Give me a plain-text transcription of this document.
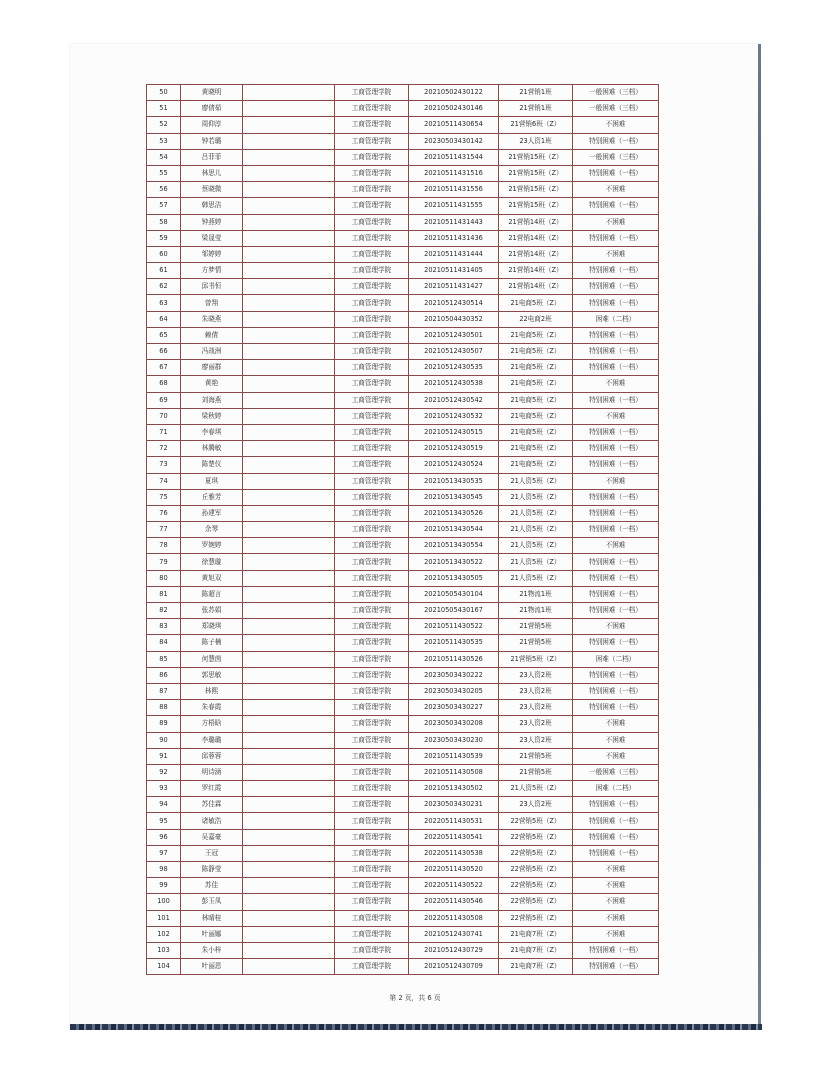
50	黄晓明		工商管理学院	20210502430122	21营销1班	一般困难（三档）
51	廖倩茹		工商管理学院	20210502430146	21营销1班	一般困难（三档）
52	周仰淳		工商管理学院	20210511430654	21营销6班（Z）	不困难
53	钟若璐		工商管理学院	20230503430142	23人资1班	特别困难（一档）
54	吕菲菲		工商管理学院	20210511431544	21营销15班（Z）	一般困难（三档）
55	林思儿		工商管理学院	20210511431516	21营销15班（Z）	特别困难（一档）
56	蔡晓微		工商管理学院	20210511431556	21营销15班（Z）	不困难
57	韩思洁		工商管理学院	20210511431555	21营销15班（Z）	特别困难（一档）
58	钟燕婷		工商管理学院	20210511431443	21营销14班（Z）	不困难
59	梁晟莹		工商管理学院	20210511431436	21营销14班（Z）	特别困难（一档）
60	邹婷婷		工商管理学院	20210511431444	21营销14班（Z）	不困难
61	方梦情		工商管理学院	20210511431405	21营销14班（Z）	特别困难（一档）
62	邱书恒		工商管理学院	20210511431427	21营销14班（Z）	特别困难（一档）
63	曾翔		工商管理学院	20210512430514	21电商5班（Z）	特别困难（一档）
64	朱晓燕		工商管理学院	20210504430352	22电商2班	困难（二档）
65	赖倩		工商管理学院	20210512430501	21电商5班（Z）	特别困难（一档）
66	冯战洲		工商管理学院	20210512430507	21电商5班（Z）	特别困难（一档）
67	廖丽群		工商管理学院	20210512430535	21电商5班（Z）	特别困难（一档）
68	黄艳		工商管理学院	20210512430538	21电商5班（Z）	不困难
69	刘海燕		工商管理学院	20210512430542	21电商5班（Z）	特别困难（一档）
70	梁秋婷		工商管理学院	20210512430532	21电商5班（Z）	不困难
71	李春琪		工商管理学院	20210512430515	21电商5班（Z）	特别困难（一档）
72	林腾敏		工商管理学院	20210512430519	21电商5班（Z）	特别困难（一档）
73	陈楚仪		工商管理学院	20210512430524	21电商5班（Z）	特别困难（一档）
74	夏琪		工商管理学院	20210513430535	21人资5班（Z）	不困难
75	丘雅芳		工商管理学院	20210513430545	21人资5班（Z）	特别困难（一档）
76	孙建军		工商管理学院	20210513430526	21人资5班（Z）	特别困难（一档）
77	余琴		工商管理学院	20210513430544	21人资5班（Z）	特别困难（一档）
78	罗婉婷		工商管理学院	20210513430554	21人资5班（Z）	不困难
79	徐慧璇		工商管理学院	20210513430522	21人资5班（Z）	特别困难（一档）
80	黄旭双		工商管理学院	20210513430505	21人资5班（Z）	特别困难（一档）
81	陈超言		工商管理学院	20210505430104	21物流1班	特别困难（一档）
82	张苏娟		工商管理学院	20210505430167	21物流1班	特别困难（一档）
83	郑晓琪		工商管理学院	20210511430522	21营销5班	不困难
84	陈子楠		工商管理学院	20210511430535	21营销5班	特别困难（一档）
85	何慧茵		工商管理学院	20210511430526	21营销5班（Z）	困难（二档）
86	郭思敏		工商管理学院	20230503430222	23人资2班	特别困难（一档）
87	林熙		工商管理学院	20230503430205	23人资2班	特别困难（一档）
88	朱春霞		工商管理学院	20230503430227	23人资2班	特别困难（一档）
89	方梧晗		工商管理学院	20230503430208	23人资2班	不困难
90	李璐璐		工商管理学院	20230503430230	23人资2班	不困难
91	邱蓉蓉		工商管理学院	20210511430539	21营销5班	不困难
92	明诗涵		工商管理学院	20210511430508	21营销5班	一般困难（三档）
93	罗红霞		工商管理学院	20210513430502	21人资5班（Z）	困难（二档）
94	苏佳霖		工商管理学院	20230503430231	23人资2班	特别困难（一档）
95	诸敏浩		工商管理学院	20220511430531	22营销5班（Z）	特别困难（一档）
96	吴嘉豪		工商管理学院	20220511430541	22营销5班（Z）	特别困难（一档）
97	王冠		工商管理学院	20220511430538	22营销5班（Z）	特别困难（一档）
98	陈静莹		工商管理学院	20220511430520	22营销5班（Z）	不困难
99	苏佳		工商管理学院	20220511430522	22营销5班（Z）	不困难
100	彭玉凤		工商管理学院	20220511430546	22营销5班（Z）	不困难
101	林晴桂		工商管理学院	20220511430508	22营销5班（Z）	不困难
102	叶丽娜		工商管理学院	20210512430741	21电商7班（Z）	不困难
103	朱小梓		工商管理学院	20210512430729	21电商7班（Z）	特别困难（一档）
104	叶丽恩		工商管理学院	20210512430709	21电商7班（Z）	特别困难（一档）
第 2 页，共 6 页
